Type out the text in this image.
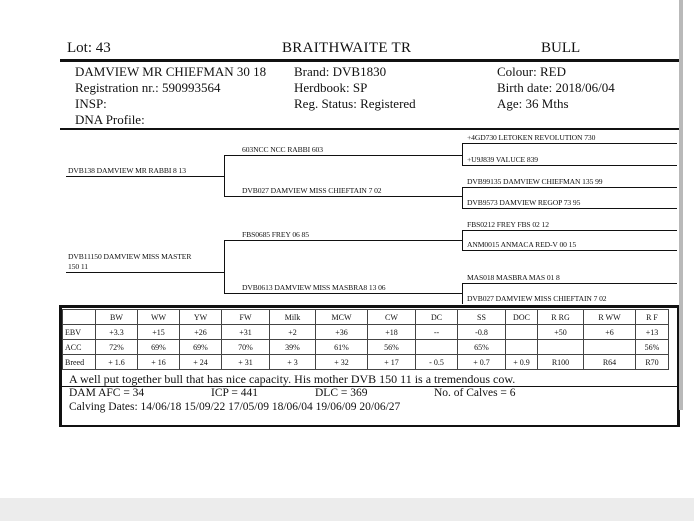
Lot: 43	BRAITHWAITE TR	BULL
DAMVIEW MR CHIEFMAN 30 18 Brand: DVB1830	Colour: RED
Registration nr.: 590993564	Herdbook: SP	Birth date: 2018/06/04
INSP:	Reg. Status: Registered	Age: 36 Mths
DNA Profile:
DVB138 DAMVIEW MR RABBI 8 13
DVB11150 DAMVIEW MISS MASTER
150 11
603NCC NCC RABBI 603
DVB027 DAMVIEW MISS CHIEFTAIN 7 02
FBS0685 FREY 06 85
DVB0613 DAMVIEW MISS MASBRA8 13 06
+4GD730 LETOKEN REVOLUTION 730
+U9J839 VALUCE 839
DVB99135 DAMVIEW CHIEFMAN 135 99
DVB9573 DAMVIEW REGOP 73 95
FBS0212 FREY FBS 02 12
ANM0015 ANMACA RED-V 00 15
MAS018 MASBRA MAS 01 8
DVB027 DAMVIEW MISS CHIEFTAIN 7 02
	BW	WW	YW	FW	Milk	MCW	CW	DC	SS	DOC	R RG	R WW	R F
EBV	+3.3	+15	+26	+31	+2	+36	+18	--	-0.8		+50	+6	+13
ACC	72%	69%	69%	70%	39%	61%	56%		65%				56%
Breed	+ 1.6	+ 16	+ 24	+ 31	+ 3	+ 32	+ 17	- 0.5	+ 0.7	+ 0.9	R100	R64	R70
A well put together bull that has nice capacity. His mother DVB 150 11 is a tremendous cow.
DAM AFC = 34	ICP = 441	DLC = 369	No. of Calves = 6
Calving Dates: 14/06/18 15/09/22 17/05/09 18/06/04 19/06/09 20/06/27
